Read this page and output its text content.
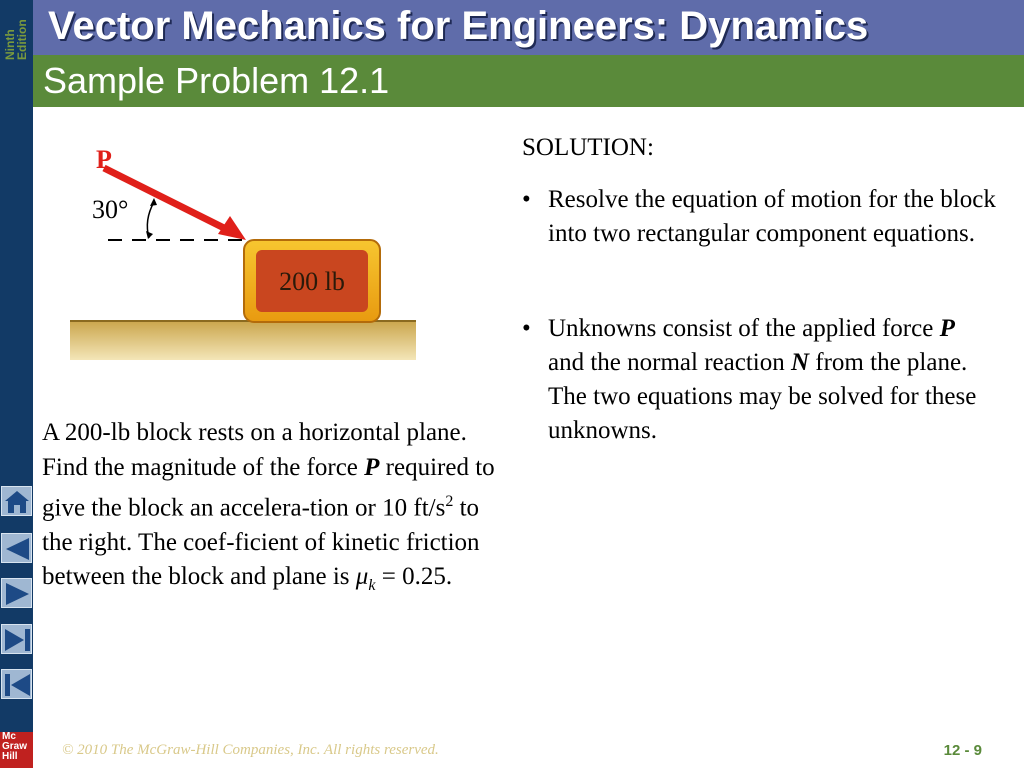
Ninth
Edition
Mc
Graw
Hill
Vector Mechanics for Engineers: Dynamics
Sample Problem 12.1
200 lb
P
30°
A 200-lb block rests on a horizontal plane. Find the magnitude of the force P required to give the block an accelera-tion or 10 $ft/s^2$ to the right. The coef-ficient of kinetic friction between the block and plane is $\mu_k = 0.25$.
SOLUTION:
• Resolve the equation of motion for the block into two rectangular component equations.
• Unknowns consist of the applied force P and the normal reaction N from the plane. The two equations may be solved for these unknowns.
© 2010 The McGraw-Hill Companies, Inc. All rights reserved.	12 - 9
